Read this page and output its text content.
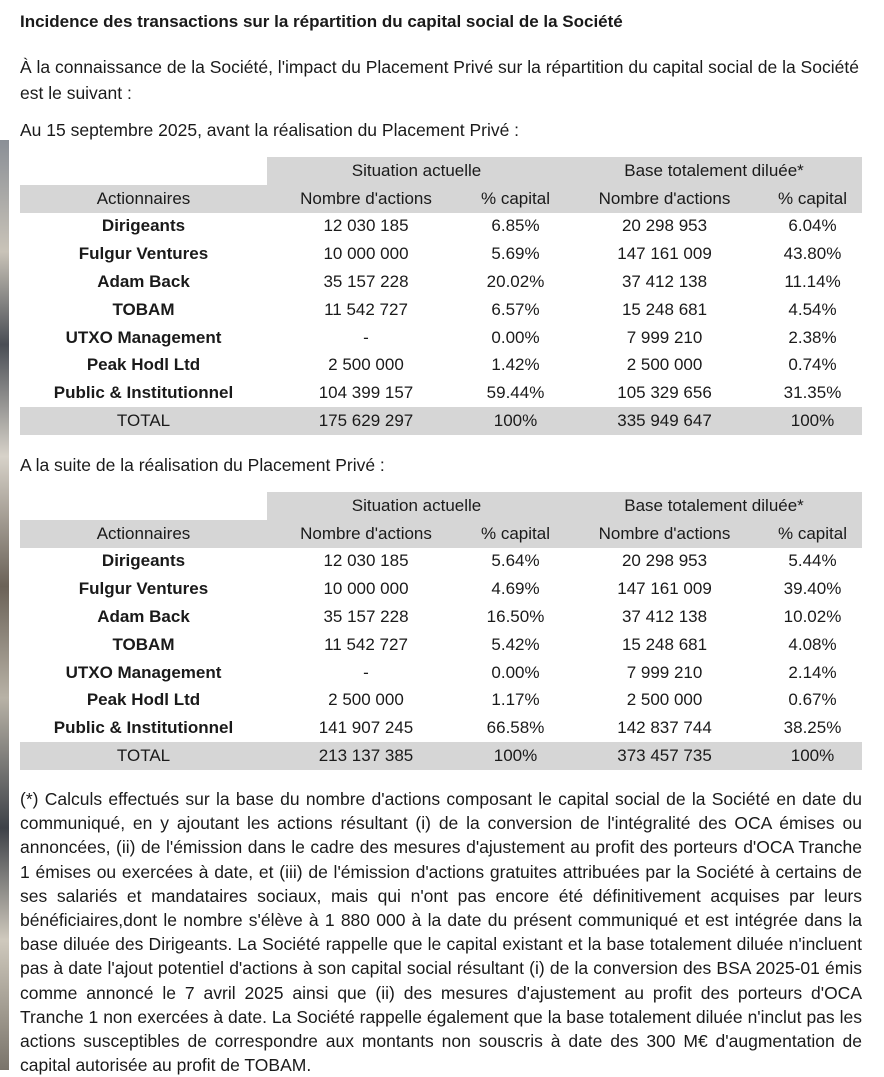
Incidence des transactions sur la répartition du capital social de la Société

À la connaissance de la Société, l'impact du Placement Privé sur la répartition du capital social de la Société est le suivant :

Au 15 septembre 2025, avant la réalisation du Placement Privé :

	Situation actuelle		Base totalement diluée*	
Actionnaires	Nombre d'actions	% capital	Nombre d'actions	% capital
Dirigeants	12 030 185	6.85%	20 298 953	6.04%
Fulgur Ventures	10 000 000	5.69%	147 161 009	43.80%
Adam Back	35 157 228	20.02%	37 412 138	11.14%
TOBAM	11 542 727	6.57%	15 248 681	4.54%
UTXO Management	-	0.00%	7 999 210	2.38%
Peak Hodl Ltd	2 500 000	1.42%	2 500 000	0.74%
Public & Institutionnel	104 399 157	59.44%	105 329 656	31.35%
TOTAL	175 629 297	100%	335 949 647	100%

A la suite de la réalisation du Placement Privé :

	Situation actuelle		Base totalement diluée*	
Actionnaires	Nombre d'actions	% capital	Nombre d'actions	% capital
Dirigeants	12 030 185	5.64%	20 298 953	5.44%
Fulgur Ventures	10 000 000	4.69%	147 161 009	39.40%
Adam Back	35 157 228	16.50%	37 412 138	10.02%
TOBAM	11 542 727	5.42%	15 248 681	4.08%
UTXO Management	-	0.00%	7 999 210	2.14%
Peak Hodl Ltd	2 500 000	1.17%	2 500 000	0.67%
Public & Institutionnel	141 907 245	66.58%	142 837 744	38.25%
TOTAL	213 137 385	100%	373 457 735	100%

(*) Calculs effectués sur la base du nombre d'actions composant le capital social de la Société en date du communiqué, en y ajoutant les actions résultant (i) de la conversion de l'intégralité des OCA émises ou annoncées, (ii) de l'émission dans le cadre des mesures d'ajustement au profit des porteurs d'OCA Tranche 1 émises ou exercées à date, et (iii) de l'émission d'actions gratuites attribuées par la Société à certains de ses salariés et mandataires sociaux, mais qui n'ont pas encore été définitivement acquises par leurs bénéficiaires,dont le nombre s'élève à 1 880 000 à la date du présent communiqué et est intégrée dans la base diluée des Dirigeants. La Société rappelle que le capital existant et la base totalement diluée n'incluent pas à date l'ajout potentiel d'actions à son capital social résultant (i) de la conversion des BSA 2025-01 émis comme annoncé le 7 avril 2025 ainsi que (ii) des mesures d'ajustement au profit des porteurs d'OCA Tranche 1 non exercées à date. La Société rappelle également que la base totalement diluée n'inclut pas les actions susceptibles de correspondre aux montants non souscris à date des 300 M€ d'augmentation de capital autorisée au profit de TOBAM.
